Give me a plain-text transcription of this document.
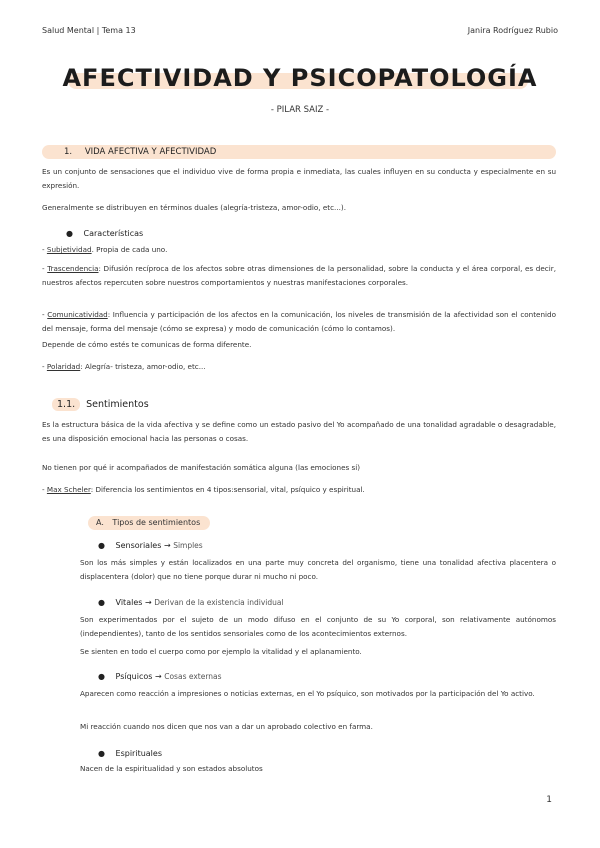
Salud Mental | Tema 13	Janira Rodríguez Rubio
AFECTIVIDAD Y PSICOPATOLOGÍA
- PILAR SAIZ -
1. VIDA AFECTIVA Y AFECTIVIDAD
Es un conjunto de sensaciones que el individuo vive de forma propia e inmediata, las cuales influyen en su conducta y especialmente en su expresión.
Generalmente se distribuyen en términos duales (alegría-tristeza, amor-odio, etc...).
● Características
- Subjetividad. Propia de cada uno.
- Trascendencia: Difusión recíproca de los afectos sobre otras dimensiones de la personalidad, sobre la conducta y el área corporal, es decir, nuestros afectos repercuten sobre nuestros comportamientos y nuestras manifestaciones corporales.
- Comunicatividad: Influencia y participación de los afectos en la comunicación, los niveles de transmisión de la afectividad son el contenido del mensaje, forma del mensaje (cómo se expresa) y modo de comunicación (cómo lo contamos).
Depende de cómo estés te comunicas de forma diferente.
- Polaridad: Alegría- tristeza, amor-odio, etc...
1.1. Sentimientos
Es la estructura básica de la vida afectiva y se define como un estado pasivo del Yo acompañado de una tonalidad agradable o desagradable, es una disposición emocional hacia las personas o cosas.
No tienen por qué ir acompañados de manifestación somática alguna (las emociones sí)
- Max Scheler: Diferencia los sentimientos en 4 tipos:sensorial, vital, psíquico y espiritual.
A. Tipos de sentimientos
● Sensoriales → Simples
Son los más simples y están localizados en una parte muy concreta del organismo, tiene una tonalidad afectiva placentera o displacentera (dolor) que no tiene porque durar ni mucho ni poco.
● Vitales → Derivan de la existencia individual
Son experimentados por el sujeto de un modo difuso en el conjunto de su Yo corporal, son relativamente autónomos (independientes), tanto de los sentidos sensoriales como de los acontecimientos externos.
Se sienten en todo el cuerpo como por ejemplo la vitalidad y el aplanamiento.
● Psíquicos → Cosas externas
Aparecen como reacción a impresiones o noticias externas, en el Yo psíquico, son motivados por la participación del Yo activo.
Mi reacción cuando nos dicen que nos van a dar un aprobado colectivo en farma.
● Espirituales
Nacen de la espiritualidad y son estados absolutos
1
